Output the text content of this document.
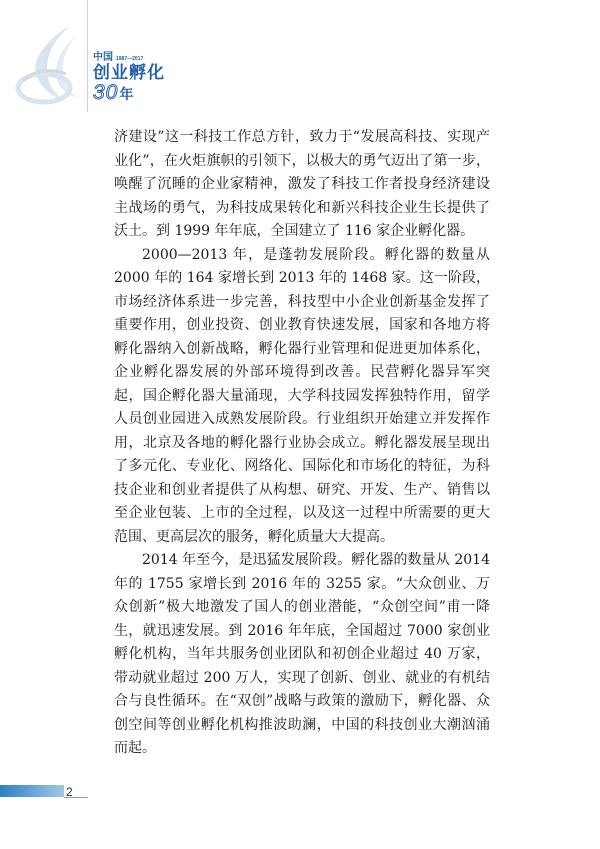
中国 1987—2017
创业孵化
30 年

济建设”这一科技工作总方针，致力于“发展高科技、实现产业化”，在火炬旗帜的引领下，以极大的勇气迈出了第一步，唤醒了沉睡的企业家精神，激发了科技工作者投身经济建设主战场的勇气，为科技成果转化和新兴科技企业生长提供了沃土。到 1999 年年底，全国建立了 116 家企业孵化器。

2000—2013 年，是蓬勃发展阶段。孵化器的数量从 2000 年的 164 家增长到 2013 年的 1468 家。这一阶段，市场经济体系进一步完善，科技型中小企业创新基金发挥了重要作用，创业投资、创业教育快速发展，国家和各地方将孵化器纳入创新战略，孵化器行业管理和促进更加体系化，企业孵化器发展的外部环境得到改善。民营孵化器异军突起，国企孵化器大量涌现，大学科技园发挥独特作用，留学人员创业园进入成熟发展阶段。行业组织开始建立并发挥作用，北京及各地的孵化器行业协会成立。孵化器发展呈现出了多元化、专业化、网络化、国际化和市场化的特征，为科技企业和创业者提供了从构想、研究、开发、生产、销售以至企业包装、上市的全过程，以及这一过程中所需要的更大范围、更高层次的服务，孵化质量大大提高。

2014 年至今，是迅猛发展阶段。孵化器的数量从 2014 年的 1755 家增长到 2016 年的 3255 家。“大众创业、万众创新”极大地激发了国人的创业潜能，“众创空间”甫一降生，就迅速发展。到 2016 年年底，全国超过 7000 家创业孵化机构，当年共服务创业团队和初创企业超过 40 万家，带动就业超过 200 万人，实现了创新、创业、就业的有机结合与良性循环。在“双创”战略与政策的激励下，孵化器、众创空间等创业孵化机构推波助澜，中国的科技创业大潮汹涌而起。

2
